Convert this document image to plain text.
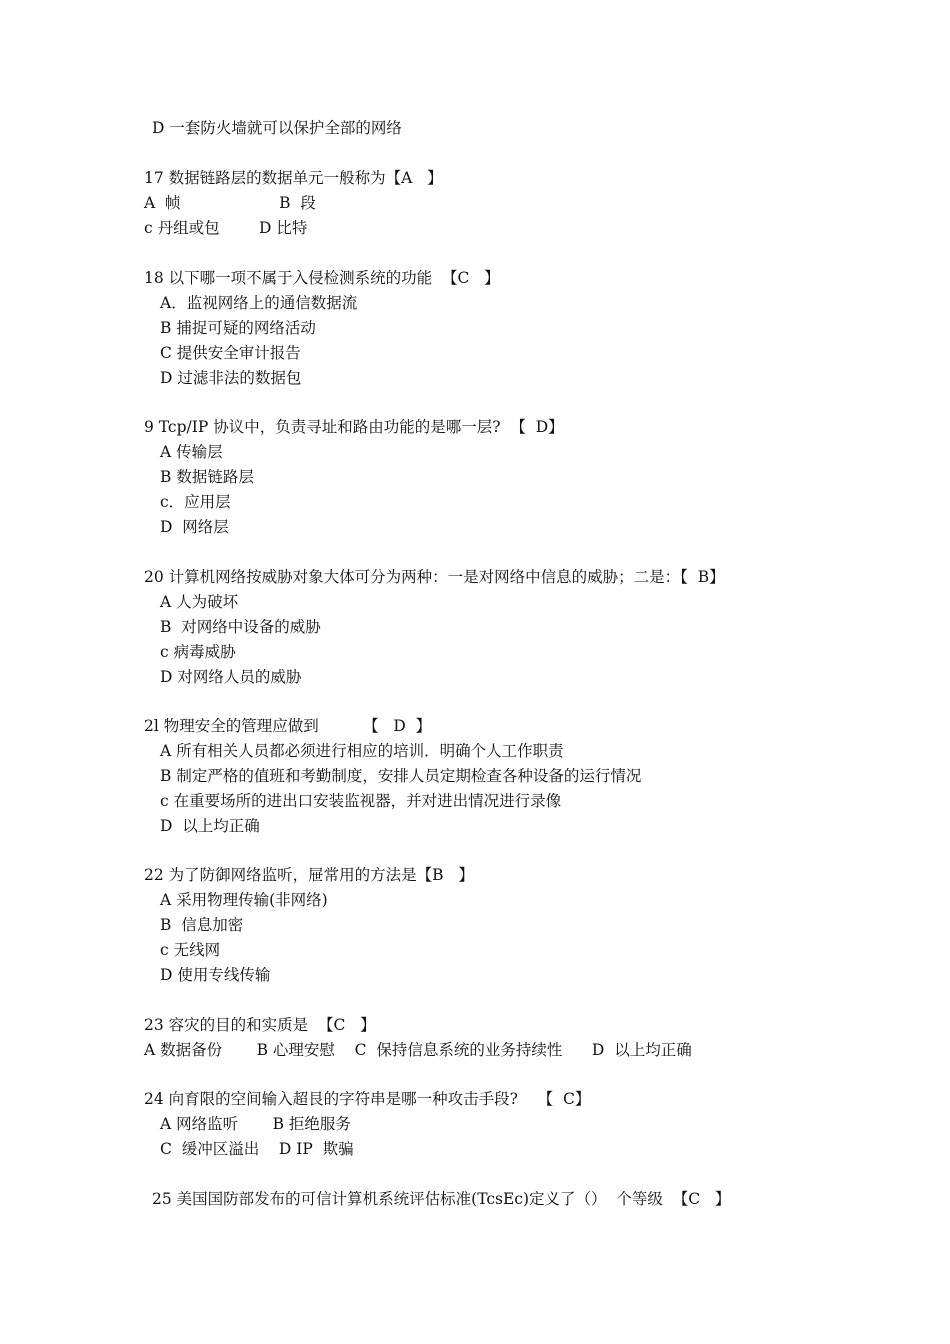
D 一套防火墙就可以保护全部的网络
17 数据链路层的数据单元一般称为【A   】
A  帧                    B  段
c 丹组或包        D 比特
18 以下哪一项不属于入侵检测系统的功能  【C   】
A．监视网络上的通信数据流
B 捕捉可疑的网络活动
C 提供安全审计报告
D 过滤非法的数据包
9 Tcp/IP 协议中，负责寻址和路由功能的是哪一层?  【  D】
A 传输层
B 数据链路层
c．应用层
D  网络层
20 计算机网络按威胁对象大体可分为两种：一是对网络中信息的威胁；二是：【  B】
A 人为破坏
B  对网络中设备的威胁
c 病毒威胁
D 对网络人员的威胁
2l 物理安全的管理应做到         【   D  】
A 所有相关人员都必须进行相应的培训．明确个人工作职责
B 制定严格的值班和考勤制度，安排人员定期检查各种设备的运行情况
c 在重要场所的进出口安装监视器，并对进出情况进行录像
D  以上均正确
22 为了防御网络监听，屉常用的方法是【B   】
A 采用物理传输(非网络)
B  信息加密
c 无线网
D 使用专线传输
23 容灾的目的和实质是  【C   】
A 数据备份       B 心理安慰    C  保持信息系统的业务持续性      D  以上均正确
24 向育限的空间输入超艮的字符串是哪一种攻击手段?    【  C】
A 网络监听       B 拒绝服务
C  缓冲区溢出    D IP  欺骗
25 美国国防部发布的可信计算机系统评估标准(TcsEc)定义了（）  个等级  【C   】
